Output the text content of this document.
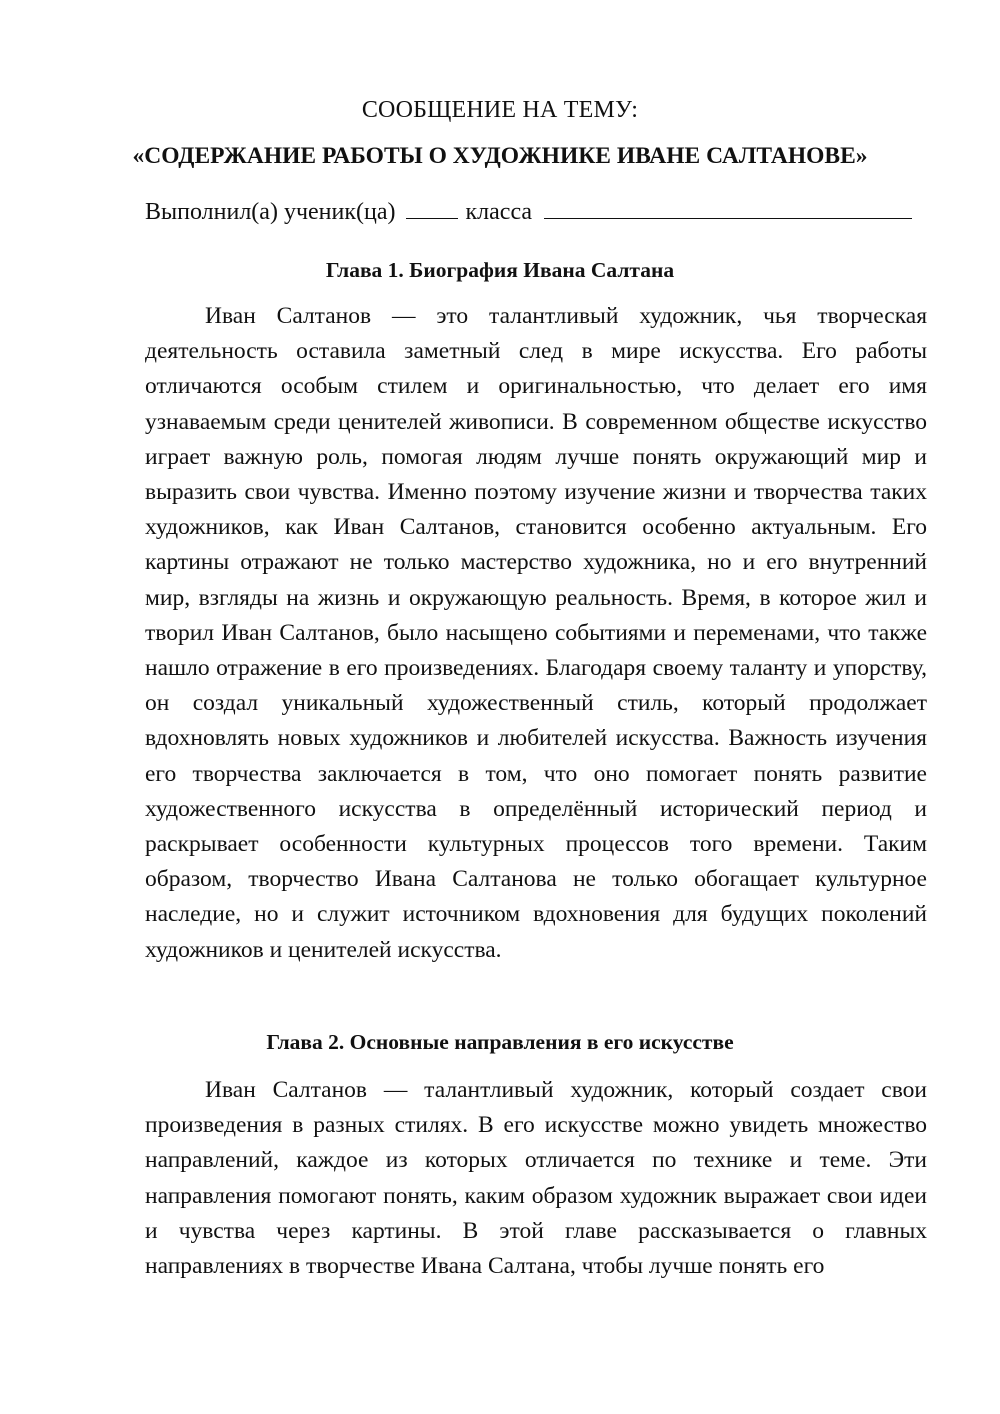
СООБЩЕНИЕ НА ТЕМУ:
«СОДЕРЖАНИЕ РАБОТЫ О ХУДОЖНИКЕ ИВАНЕ САЛТАНОВЕ»
Выполнил(а) ученик(ца)	класса
Глава 1. Биография Ивана Салтана

Иван Салтанов — это талантливый художник, чья творческая деятельность оставила заметный след в мире искусства. Его работы отличаются особым стилем и оригинальностью, что делает его имя узнаваемым среди ценителей живописи. В современном обществе искусство играет важную роль, помогая людям лучше понять окружающий мир и выразить свои чувства. Именно поэтому изучение жизни и творчества таких художников, как Иван Салтанов, становится особенно актуальным. Его картины отражают не только мастерство художника, но и его внутренний мир, взгляды на жизнь и окружающую реальность. Время, в которое жил и творил Иван Салтанов, было насыщено событиями и переменами, что также нашло отражение в его произведениях. Благодаря своему таланту и упорству, он создал уникальный художественный стиль, который продолжает вдохновлять новых художников и любителей искусства. Важность изучения его творчества заключается в том, что оно помогает понять развитие художественного искусства в определённый исторический период и раскрывает особенности культурных процессов того времени. Таким образом, творчество Ивана Салтанова не только обогащает культурное наследие, но и служит источником вдохновения для будущих поколений художников и ценителей искусства.

Глава 2. Основные направления в его искусстве

Иван Салтанов — талантливый художник, который создает свои произведения в разных стилях. В его искусстве можно увидеть множество направлений, каждое из которых отличается по технике и теме. Эти направления помогают понять, каким образом художник выражает свои идеи и чувства через картины. В этой главе рассказывается о главных направлениях в творчестве Ивана Салтана, чтобы лучше понять его
